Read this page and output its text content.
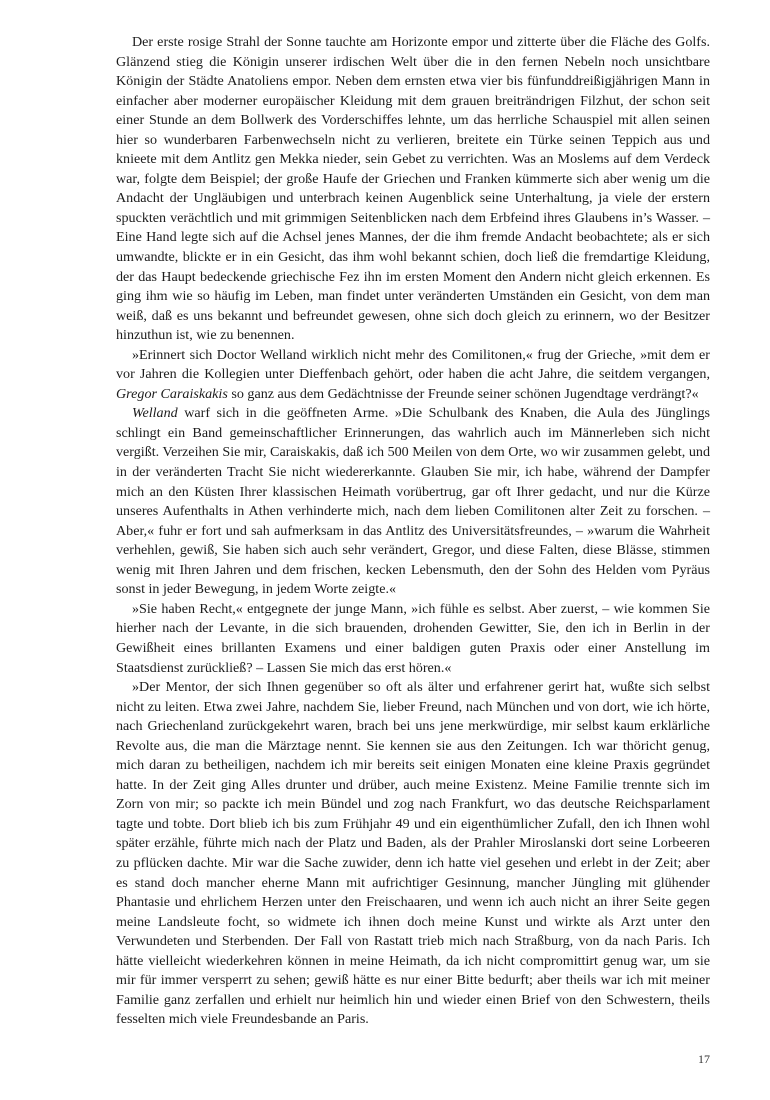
Der erste rosige Strahl der Sonne tauchte am Horizonte empor und zitterte über die Fläche des Golfs. Glänzend stieg die Königin unserer irdischen Welt über die in den fernen Nebeln noch unsichtbare Königin der Städte Anatoliens empor. Neben dem ernsten etwa vier bis fünfunddreißigjährigen Mann in einfacher aber moderner europäischer Kleidung mit dem grauen breiträndrigen Filzhut, der schon seit einer Stunde an dem Bollwerk des Vorderschiffes lehnte, um das herrliche Schauspiel mit allen seinen hier so wunderbaren Farbenwechseln nicht zu verlieren, breitete ein Türke seinen Teppich aus und knieete mit dem Antlitz gen Mekka nieder, sein Gebet zu verrichten. Was an Moslems auf dem Verdeck war, folgte dem Beispiel; der große Haufe der Griechen und Franken kümmerte sich aber wenig um die Andacht der Ungläubigen und unterbrach keinen Augenblick seine Unterhaltung, ja viele der erstern spuckten verächtlich und mit grimmigen Seitenblicken nach dem Erbfeind ihres Glaubens in’s Wasser. – Eine Hand legte sich auf die Achsel jenes Mannes, der die ihm fremde Andacht beobachtete; als er sich umwandte, blickte er in ein Gesicht, das ihm wohl bekannt schien, doch ließ die fremdartige Kleidung, der das Haupt bedeckende griechische Fez ihn im ersten Moment den Andern nicht gleich erkennen. Es ging ihm wie so häufig im Leben, man findet unter veränderten Umständen ein Gesicht, von dem man weiß, daß es uns bekannt und befreundet gewesen, ohne sich doch gleich zu erinnern, wo der Besitzer hinzuthun ist, wie zu benennen.

»Erinnert sich Doctor Welland wirklich nicht mehr des Comilitonen,« frug der Grieche, »mit dem er vor Jahren die Kollegien unter Dieffenbach gehört, oder haben die acht Jahre, die seitdem vergangen, Gregor Caraiskakis so ganz aus dem Gedächtnisse der Freunde seiner schönen Jugendtage verdrängt?«

Welland warf sich in die geöffneten Arme. »Die Schulbank des Knaben, die Aula des Jünglings schlingt ein Band gemeinschaftlicher Erinnerungen, das wahrlich auch im Männerleben sich nicht vergißt. Verzeihen Sie mir, Caraiskakis, daß ich 500 Meilen von dem Orte, wo wir zusammen gelebt, und in der veränderten Tracht Sie nicht wiedererkannte. Glauben Sie mir, ich habe, während der Dampfer mich an den Küsten Ihrer klassischen Heimath vorübertrug, gar oft Ihrer gedacht, und nur die Kürze unseres Aufenthalts in Athen verhinderte mich, nach dem lieben Comilitonen alter Zeit zu forschen. – Aber,« fuhr er fort und sah aufmerksam in das Antlitz des Universitätsfreundes, – »warum die Wahrheit verhehlen, gewiß, Sie haben sich auch sehr verändert, Gregor, und diese Falten, diese Blässe, stimmen wenig mit Ihren Jahren und dem frischen, kecken Lebensmuth, den der Sohn des Helden vom Pyräus sonst in jeder Bewegung, in jedem Worte zeigte.«

»Sie haben Recht,« entgegnete der junge Mann, »ich fühle es selbst. Aber zuerst, – wie kommen Sie hierher nach der Levante, in die sich brauenden, drohenden Gewitter, Sie, den ich in Berlin in der Gewißheit eines brillanten Examens und einer baldigen guten Praxis oder einer Anstellung im Staatsdienst zurückließ? – Lassen Sie mich das erst hören.«

»Der Mentor, der sich Ihnen gegenüber so oft als älter und erfahrener gerirt hat, wußte sich selbst nicht zu leiten. Etwa zwei Jahre, nachdem Sie, lieber Freund, nach München und von dort, wie ich hörte, nach Griechenland zurückgekehrt waren, brach bei uns jene merkwürdige, mir selbst kaum erklärliche Revolte aus, die man die Märztage nennt. Sie kennen sie aus den Zeitungen. Ich war thöricht genug, mich daran zu betheiligen, nachdem ich mir bereits seit einigen Monaten eine kleine Praxis gegründet hatte. In der Zeit ging Alles drunter und drüber, auch meine Existenz. Meine Familie trennte sich im Zorn von mir; so packte ich mein Bündel und zog nach Frankfurt, wo das deutsche Reichsparlament tagte und tobte. Dort blieb ich bis zum Frühjahr 49 und ein eigenthümlicher Zufall, den ich Ihnen wohl später erzähle, führte mich nach der Platz und Baden, als der Prahler Miroslanski dort seine Lorbeeren zu pflücken dachte. Mir war die Sache zuwider, denn ich hatte viel gesehen und erlebt in der Zeit; aber es stand doch mancher eherne Mann mit aufrichtiger Gesinnung, mancher Jüngling mit glühender Phantasie und ehrlichem Herzen unter den Freischaaren, und wenn ich auch nicht an ihrer Seite gegen meine Landsleute focht, so widmete ich ihnen doch meine Kunst und wirkte als Arzt unter den Verwundeten und Sterbenden. Der Fall von Rastatt trieb mich nach Straßburg, von da nach Paris. Ich hätte vielleicht wiederkehren können in meine Heimath, da ich nicht compromittirt genug war, um sie mir für immer versperrt zu sehen; gewiß hätte es nur einer Bitte bedurft; aber theils war ich mit meiner Familie ganz zerfallen und erhielt nur heimlich hin und wieder einen Brief von den Schwestern, theils fesselten mich viele Freundesbande an Paris.

17
